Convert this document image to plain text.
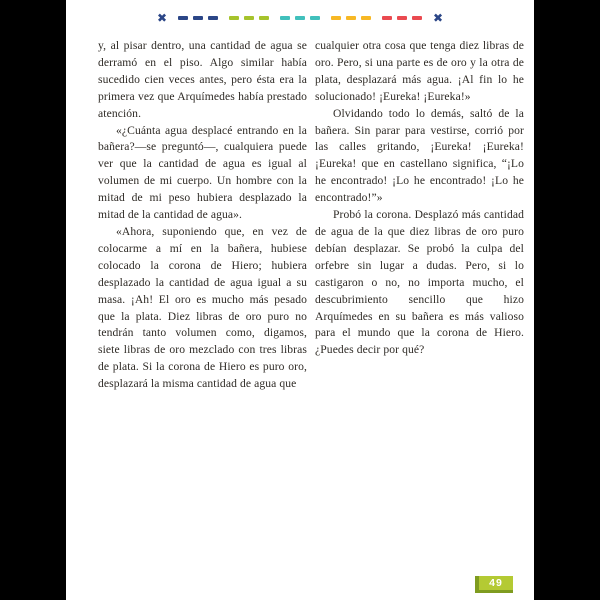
✖	✖

y, al pisar dentro, una cantidad de agua se derramó en el piso. Algo similar había sucedido cien veces antes, pero ésta era la primera vez que Arquímedes había prestado atención.

«¿Cuánta agua desplacé entrando en la bañera?—se preguntó—, cualquiera puede ver que la cantidad de agua es igual al volumen de mi cuerpo. Un hombre con la mitad de mi peso hubiera desplazado la mitad de la cantidad de agua».

«Ahora, suponiendo que, en vez de colocarme a mí en la bañera, hubiese colocado la corona de Hiero; hubiera desplazado la cantidad de agua igual a su masa. ¡Ah! El oro es mucho más pesado que la plata. Diez libras de oro puro no tendrán tanto volumen como, digamos, siete libras de oro mezclado con tres libras de plata. Si la corona de Hiero es puro oro, desplazará la misma cantidad de agua que

cualquier otra cosa que tenga diez libras de oro. Pero, si una parte es de oro y la otra de plata, desplazará más agua. ¡Al fin lo he solucionado! ¡Eureka! ¡Eureka!»

Olvidando todo lo demás, saltó de la bañera. Sin parar para vestirse, corrió por las calles gritando, ¡Eureka! ¡Eureka! ¡Eureka! que en castellano significa, “¡Lo he encontrado! ¡Lo he encontrado! ¡Lo he encontrado!”»

Probó la corona. Desplazó más cantidad de agua de la que diez libras de oro puro debían desplazar. Se probó la culpa del orfebre sin lugar a dudas. Pero, si lo castigaron o no, no importa mucho, el descubrimiento sencillo que hizo Arquímedes en su bañera es más valioso para el mundo que la corona de Hiero. ¿Puedes decir por qué?

49
